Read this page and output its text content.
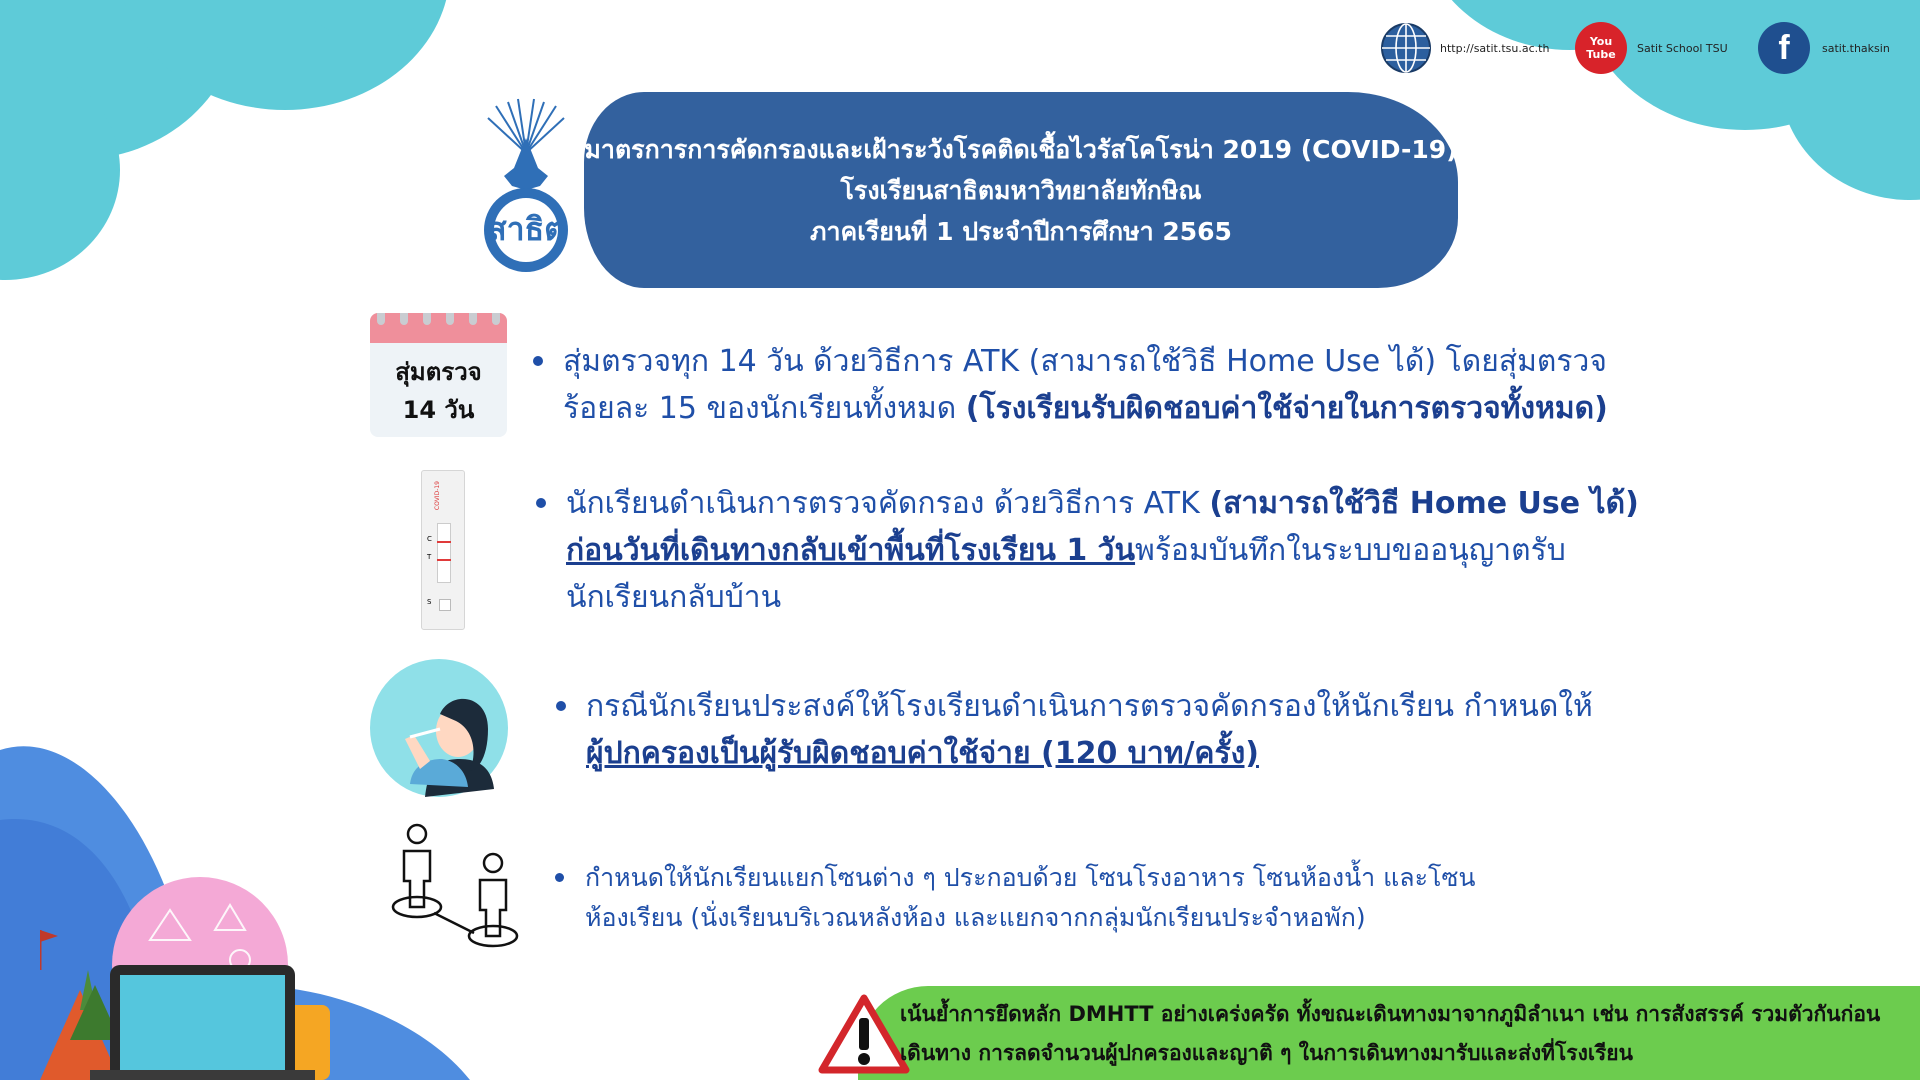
http://satit.tsu.ac.th	You Tube Satit School TSU f	satit.thaksin
สาธิต
มาตรการการคัดกรองและเฝ้าระวังโรคติดเชื้อไวรัสโคโรน่า 2019 (COVID-19)
โรงเรียนสาธิตมหาวิทยาลัยทักษิณ
ภาคเรียนที่ 1 ประจำปีการศึกษา 2565
สุ่มตรวจ
14 วัน
สุ่มตรวจทุก 14 วัน ด้วยวิธีการ ATK (สามารถใช้วิธี Home Use ได้) โดยสุ่มตรวจ ร้อยละ 15 ของนักเรียนทั้งหมด (โรงเรียนรับผิดชอบค่าใช้จ่ายในการตรวจทั้งหมด)
COVID-19
C
T
S
นักเรียนดำเนินการตรวจคัดกรอง ด้วยวิธีการ ATK (สามารถใช้วิธี Home Use ได้)
ก่อนวันที่เดินทางกลับเข้าพื้นที่โรงเรียน 1 วันพร้อมบันทึกในระบบขออนุญาตรับนักเรียนกลับบ้าน
กรณีนักเรียนประสงค์ให้โรงเรียนดำเนินการตรวจคัดกรองให้นักเรียน กำหนดให้
ผู้ปกครองเป็นผู้รับผิดชอบค่าใช้จ่าย (120 บาท/ครั้ง)
กำหนดให้นักเรียนแยกโซนต่าง ๆ ประกอบด้วย โซนโรงอาหาร โซนห้องน้ำ และโซนห้องเรียน (นั่งเรียนบริเวณหลังห้อง และแยกจากกลุ่มนักเรียนประจำหอพัก)
เน้นย้ำการยึดหลัก DMHTT อย่างเคร่งครัด ทั้งขณะเดินทางมาจากภูมิลำเนา เช่น การสังสรรค์ รวมตัวกันก่อนเดินทาง การลดจำนวนผู้ปกครองและญาติ ๆ ในการเดินทางมารับและส่งที่โรงเรียน
